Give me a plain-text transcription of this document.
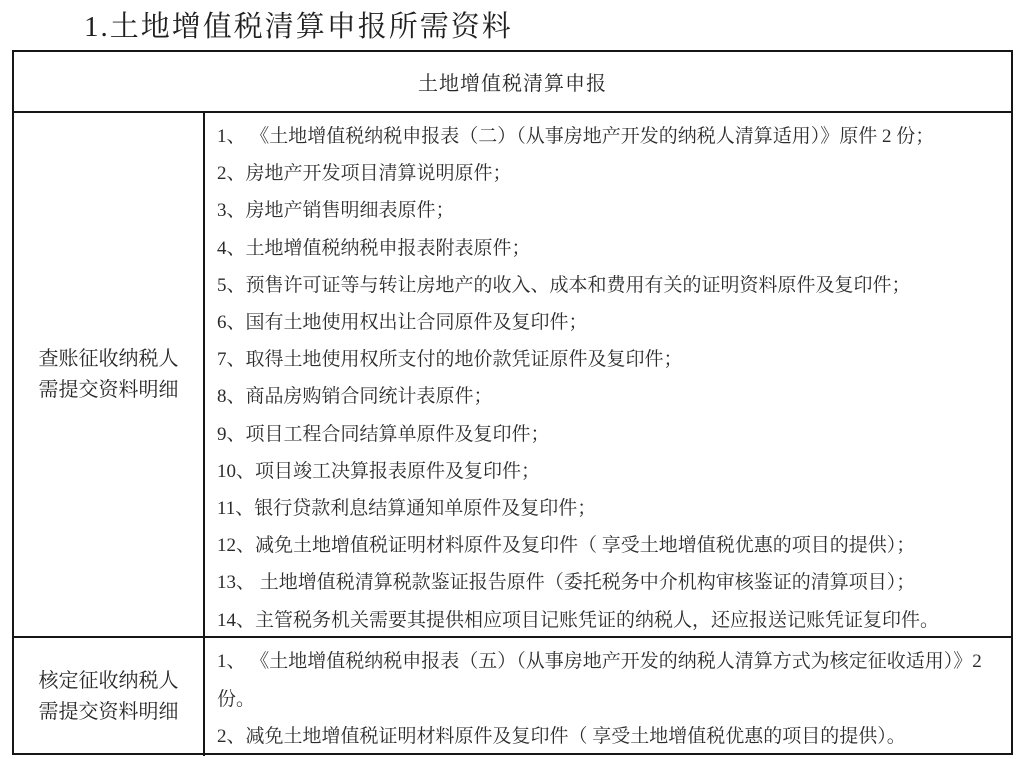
1.土地增值税清算申报所需资料
土地增值税清算申报
查账征收纳税人需提交资料明细
1、 《土地增值税纳税申报表（二）（从事房地产开发的纳税人清算适用）》原件 2 份；
2、房地产开发项目清算说明原件；
3、房地产销售明细表原件；
4、土地增值税纳税申报表附表原件；
5、预售许可证等与转让房地产的收入、成本和费用有关的证明资料原件及复印件；
6、国有土地使用权出让合同原件及复印件；
7、取得土地使用权所支付的地价款凭证原件及复印件；
8、商品房购销合同统计表原件；
9、项目工程合同结算单原件及复印件；
10、项目竣工决算报表原件及复印件；
11、银行贷款利息结算通知单原件及复印件；
12、减免土地增值税证明材料原件及复印件（ 享受土地增值税优惠的项目的提供）；
13、 土地增值税清算税款鉴证报告原件（委托税务中介机构审核鉴证的清算项目）；
14、主管税务机关需要其提供相应项目记账凭证的纳税人，还应报送记账凭证复印件。
核定征收纳税人需提交资料明细
1、 《土地增值税纳税申报表（五）（从事房地产开发的纳税人清算方式为核定征收适用）》2 份。
2、减免土地增值税证明材料原件及复印件（ 享受土地增值税优惠的项目的提供）。
